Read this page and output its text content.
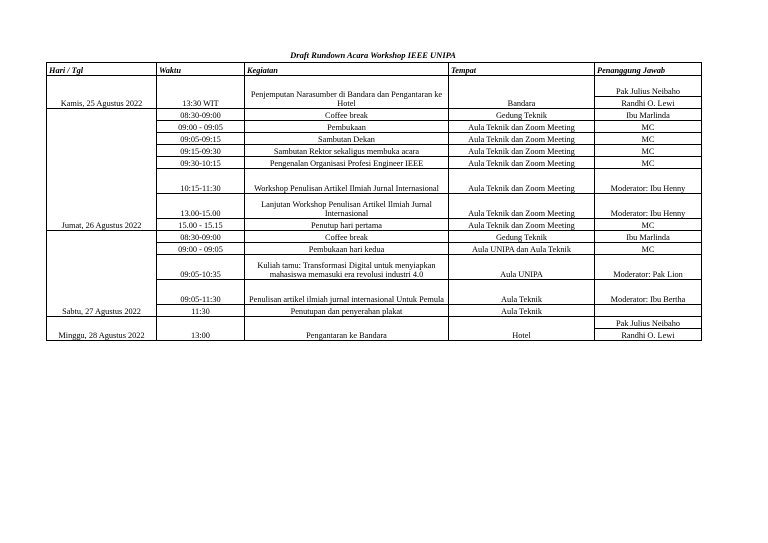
Draft Rundown Acara Workshop IEEE UNIPA
Hari / Tgl	Waktu	Kegiatan	Tempat	Penanggung Jawab
Kamis, 25 Agustus 2022	13:30 WIT	Penjemputan Narasumber di Bandara dan Pengantaran ke Hotel	Bandara	Pak Julius Neibaho
				Randhi O. Lewi
Jumat, 26 Agustus 2022	08:30-09:00	Coffee break	Gedung Teknik	Ibu Marlinda
	09:00 - 09:05	Pembukaan	Aula Teknik dan Zoom Meeting	MC
	09:05-09:15	Sambutan Dekan	Aula Teknik dan Zoom Meeting	MC
	09:15-09:30	Sambutan Rektor sekaligus membuka acara	Aula Teknik dan Zoom Meeting	MC
	09:30-10:15	Pengenalan Organisasi Profesi Engineer IEEE	Aula Teknik dan Zoom Meeting	MC
	10:15-11:30	Workshop Penulisan Artikel Ilmiah Jurnal Internasional	Aula Teknik dan Zoom Meeting	Moderator: Ibu Henny
	13.00-15.00	Lanjutan Workshop Penulisan Artikel Ilmiah Jurnal Internasional	Aula Teknik dan Zoom Meeting	Moderator: Ibu Henny
	15.00 - 15.15	Penutup hari pertama	Aula Teknik dan Zoom Meeting	MC
Sabtu, 27 Agustus 2022	08:30-09:00	Coffee break	Gedung Teknik	Ibu Marlinda
	09:00 - 09:05	Pembukaan hari kedua	Aula UNIPA dan Aula Teknik	MC
	09:05-10:35	Kuliah tamu: Transformasi Digital untuk menyiapkan mahasiswa memasuki era revolusi industri 4.0	Aula UNIPA	Moderator: Pak Lion
	09:05-11:30	Penulisan artikel ilmiah jurnal internasional Untuk Pemula	Aula Teknik	Moderator: Ibu Bertha
	11:30	Penutupan dan penyerahan plakat	Aula Teknik	
Minggu, 28 Agustus 2022	13:00	Pengantaran ke Bandara	Hotel	Pak Julius Neibaho
				Randhi O. Lewi
